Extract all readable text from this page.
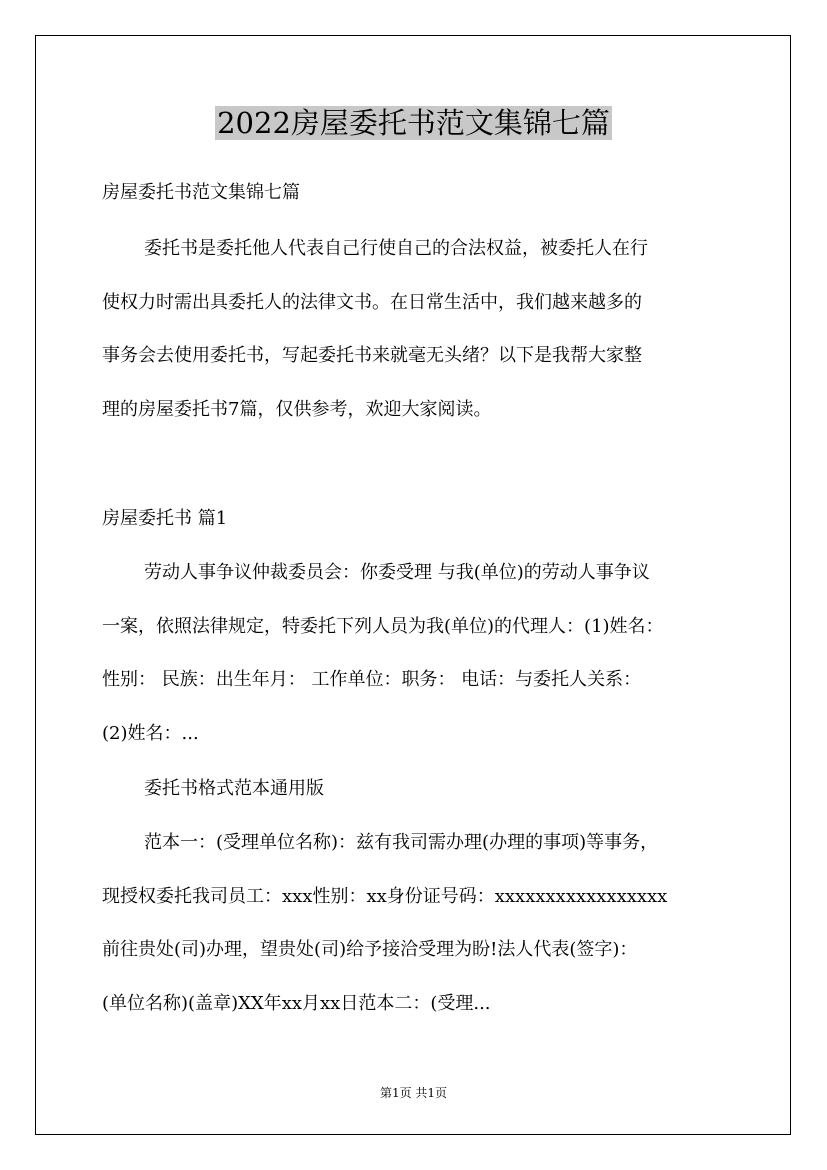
2022房屋委托书范文集锦七篇
房屋委托书范文集锦七篇
委托书是委托他人代表自己行使自己的合法权益，被委托人在行
使权力时需出具委托人的法律文书。在日常生活中，我们越来越多的
事务会去使用委托书，写起委托书来就毫无头绪？以下是我帮大家整
理的房屋委托书7篇，仅供参考，欢迎大家阅读。
房屋委托书 篇1
劳动人事争议仲裁委员会：你委受理 与我(单位)的劳动人事争议
一案，依照法律规定，特委托下列人员为我(单位)的代理人：(1)姓名：
性别： 民族：出生年月： 工作单位：职务： 电话：与委托人关系：
(2)姓名：...
委托书格式范本通用版
范本一：(受理单位名称)：兹有我司需办理(办理的事项)等事务，
现授权委托我司员工：xxx性别：xx身份证号码：xxxxxxxxxxxxxxxxx
前往贵处(司)办理，望贵处(司)给予接洽受理为盼!法人代表(签字)：
(单位名称)(盖章)XX年xx月xx日范本二：(受理...
第1页 共1页
